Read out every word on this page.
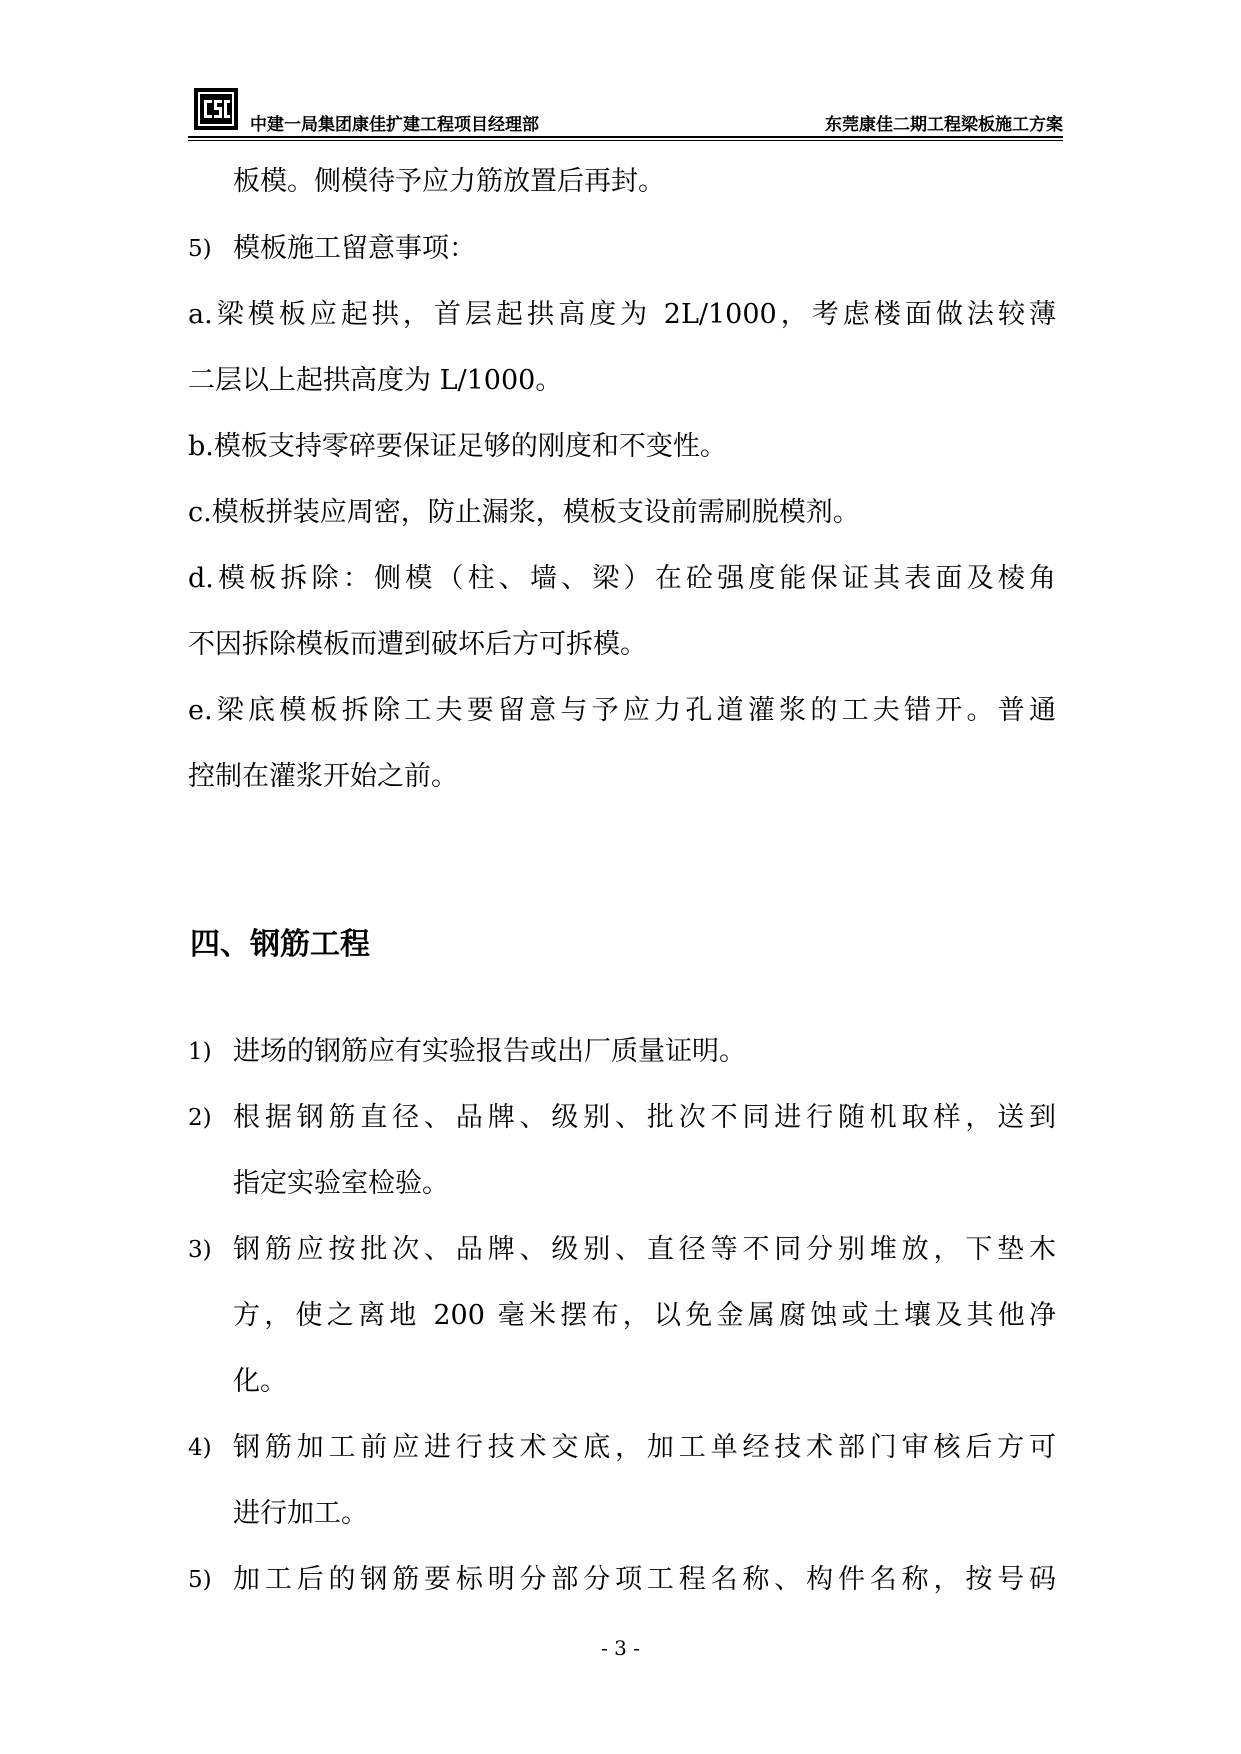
中建一局集团康佳扩建工程项目经理部	东莞康佳二期工程梁板施工方案
板模。侧模待予应力筋放置后再封。
5) 模板施工留意事项：
a.梁模板应起拱，首层起拱高度为 2L/1000，考虑楼面做法较薄
二层以上起拱高度为 L/1000。
b.模板支持零碎要保证足够的刚度和不变性。
c.模板拼装应周密，防止漏浆，模板支设前需刷脱模剂。
d.模板拆除：侧模（柱、墙、梁）在砼强度能保证其表面及棱角
不因拆除模板而遭到破坏后方可拆模。
e.梁底模板拆除工夫要留意与予应力孔道灌浆的工夫错开。普通
控制在灌浆开始之前。
四、钢筋工程
1) 进场的钢筋应有实验报告或出厂质量证明。
2) 根据钢筋直径、品牌、级别、批次不同进行随机取样，送到
指定实验室检验。
3) 钢筋应按批次、品牌、级别、直径等不同分别堆放，下垫木
方，使之离地 200 毫米摆布，以免金属腐蚀或土壤及其他净
化。
4) 钢筋加工前应进行技术交底，加工单经技术部门审核后方可
进行加工。
5) 加工后的钢筋要标明分部分项工程名称、构件名称，按号码
- 3 -
